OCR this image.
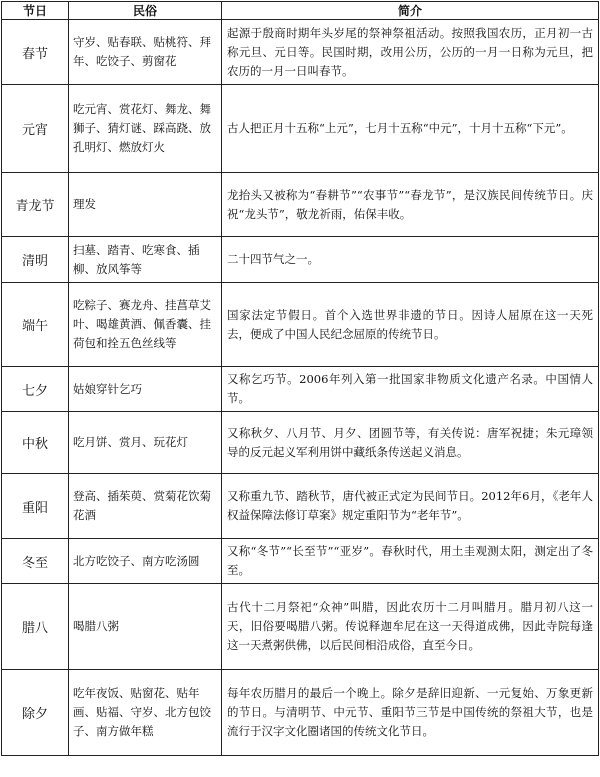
节日	民俗	简介
春节	守岁、贴春联、贴桃符、拜年、吃饺子、剪窗花	起源于殷商时期年头岁尾的祭神祭祖活动。按照我国农历，正月初一古称元旦、元日等。民国时期，改用公历，公历的一月一日称为元旦，把农历的一月一日叫春节。
元宵	吃元宵、赏花灯、舞龙、舞狮子、猜灯谜、踩高跷、放孔明灯、燃放灯火	古人把正月十五称“上元”，七月十五称“中元”，十月十五称“下元”。
青龙节	理发	龙抬头又被称为“春耕节”“农事节”“春龙节”，是汉族民间传统节日。庆祝“龙头节”，敬龙祈雨，佑保丰收。
清明	扫墓、踏青、吃寒食、插柳、放风筝等	二十四节气之一。
端午	吃粽子、赛龙舟、挂菖草艾叶、喝雄黄酒、佩香囊、挂荷包和拴五色丝线等	国家法定节假日。首个入选世界非遗的节日。因诗人屈原在这一天死去，便成了中国人民纪念屈原的传统节日。
七夕	姑娘穿针乞巧	又称乞巧节。2006年列入第一批国家非物质文化遗产名录。中国情人节。
中秋	吃月饼、赏月、玩花灯	又称秋夕、八月节、月夕、团圆节等，有关传说：唐军祝捷；朱元璋领导的反元起义军利用饼中藏纸条传送起义消息。
重阳	登高、插茱萸、赏菊花饮菊花酒	又称重九节、踏秋节，唐代被正式定为民间节日。2012年6月，《老年人权益保障法修订草案》规定重阳节为“老年节”。
冬至	北方吃饺子、南方吃汤圆	又称“冬节”“长至节”“亚岁”。春秋时代，用土圭观测太阳，测定出了冬至。
腊八	喝腊八粥	古代十二月祭祀“众神”叫腊，因此农历十二月叫腊月。腊月初八这一天，旧俗要喝腊八粥。传说释迦牟尼在这一天得道成佛，因此寺院每逢这一天煮粥供佛，以后民间相沿成俗，直至今日。
除夕	吃年夜饭、贴窗花、贴年画、贴福、守岁、北方包饺子、南方做年糕	每年农历腊月的最后一个晚上。除夕是辞旧迎新、一元复始、万象更新的节日。与清明节、中元节、重阳节三节是中国传统的祭祖大节，也是流行于汉字文化圈诸国的传统文化节日。
